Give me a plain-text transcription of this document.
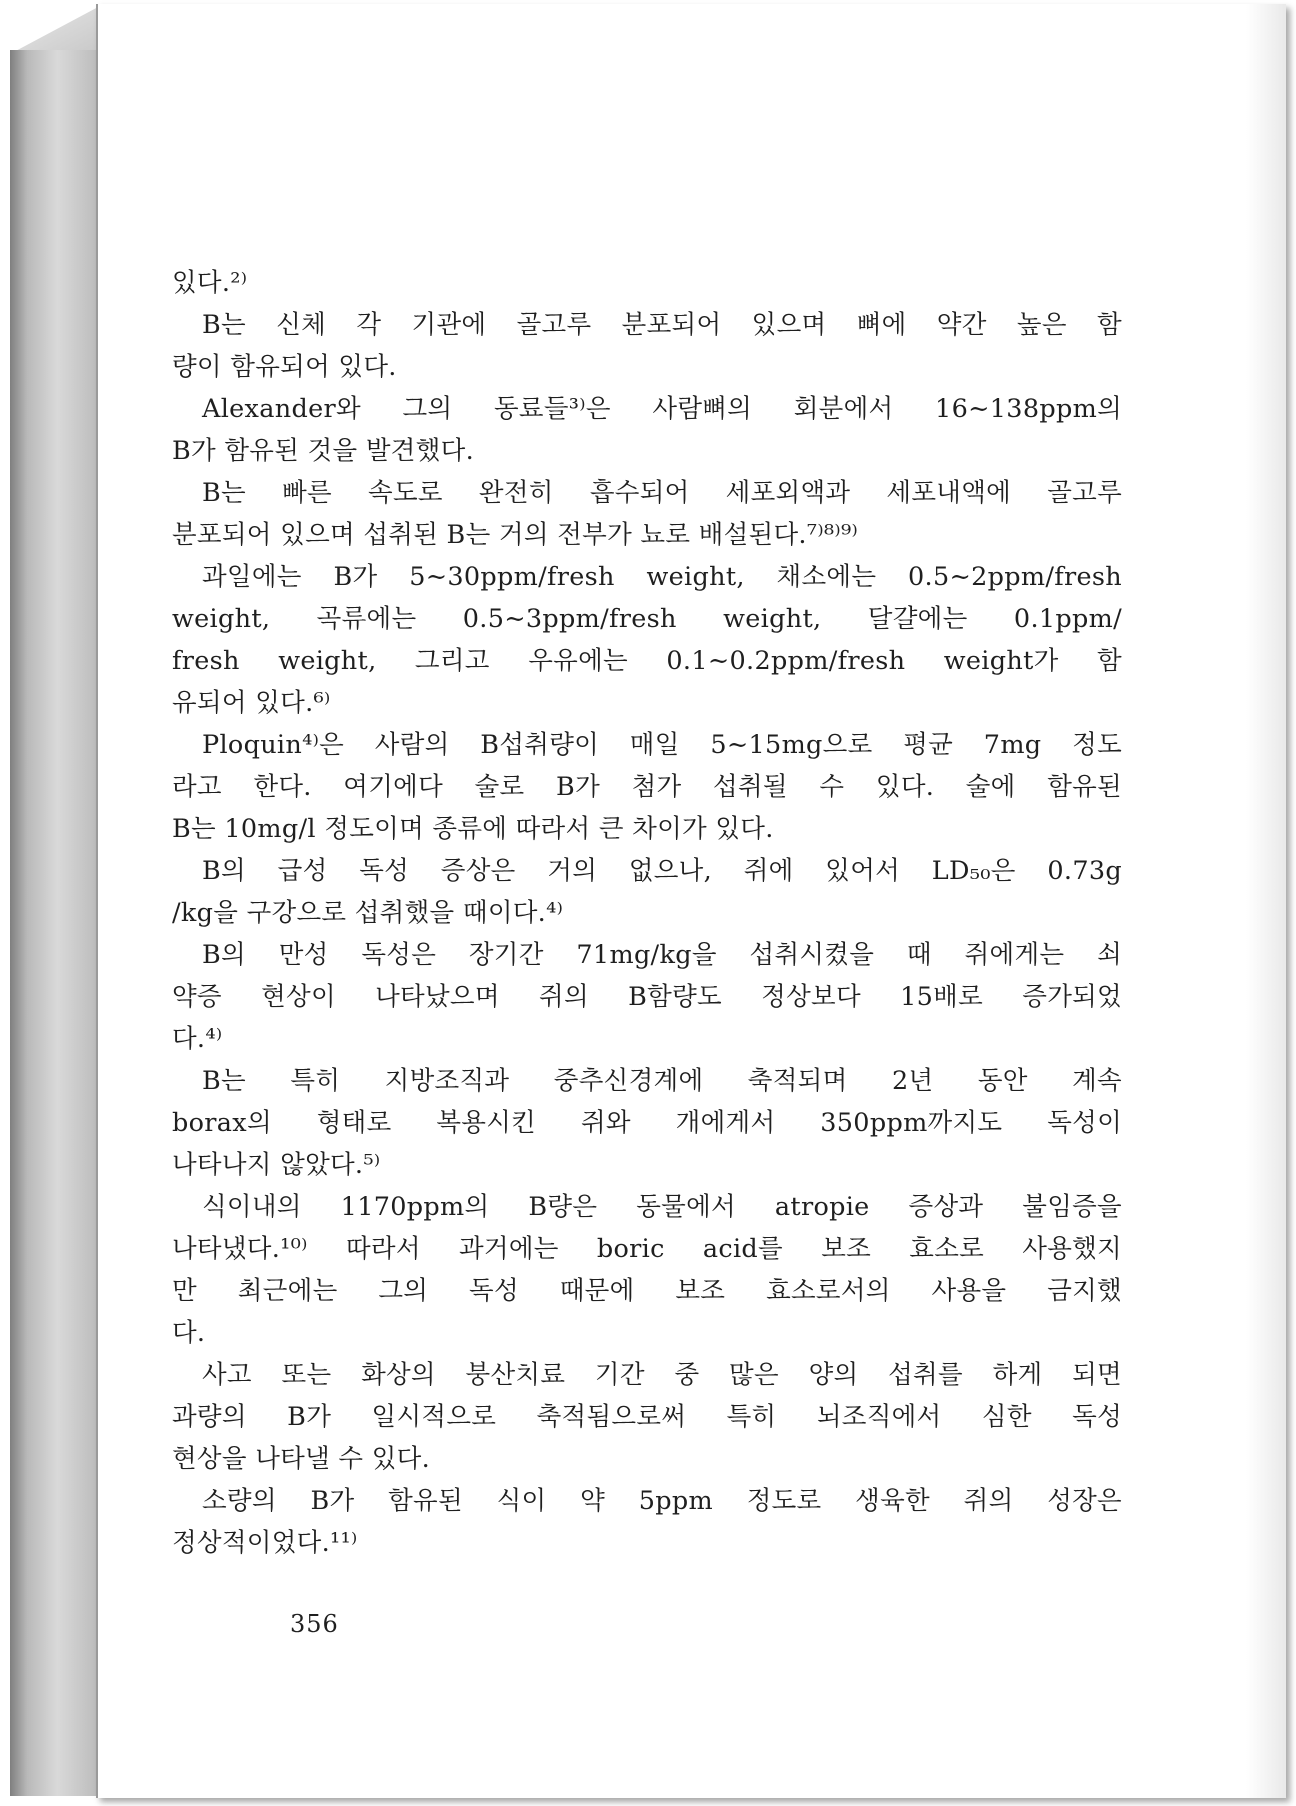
있다.²⁾
B는 신체 각 기관에 골고루 분포되어 있으며 뼈에 약간 높은 함
량이 함유되어 있다.
Alexander와 그의 동료들³⁾은 사람뼈의 회분에서 16∼138ppm의
B가 함유된 것을 발견했다.
B는 빠른 속도로 완전히 흡수되어 세포외액과 세포내액에 골고루
분포되어 있으며 섭취된 B는 거의 전부가 뇨로 배설된다.⁷⁾⁸⁾⁹⁾
과일에는 B가 5∼30ppm/fresh weight, 채소에는 0.5∼2ppm/fresh
weight, 곡류에는 0.5∼3ppm/fresh weight, 달걀에는 0.1ppm/
fresh weight, 그리고 우유에는 0.1∼0.2ppm/fresh weight가 함
유되어 있다.⁶⁾
Ploquin⁴⁾은 사람의 B섭취량이 매일 5∼15mg으로 평균 7mg 정도
라고 한다. 여기에다 술로 B가 첨가 섭취될 수 있다. 술에 함유된
B는 10mg/l 정도이며 종류에 따라서 큰 차이가 있다.
B의 급성 독성 증상은 거의 없으나, 쥐에 있어서 LD₅₀은 0.73g
/kg을 구강으로 섭취했을 때이다.⁴⁾
B의 만성 독성은 장기간 71mg/kg을 섭취시켰을 때 쥐에게는 쇠
약증 현상이 나타났으며 쥐의 B함량도 정상보다 15배로 증가되었
다.⁴⁾
B는 특히 지방조직과 중추신경계에 축적되며 2년 동안 계속
borax의 형태로 복용시킨 쥐와 개에게서 350ppm까지도 독성이
나타나지 않았다.⁵⁾
식이내의 1170ppm의 B량은 동물에서 atropie 증상과 불임증을
나타냈다.¹⁰⁾ 따라서 과거에는 boric acid를 보조 효소로 사용했지
만 최근에는 그의 독성 때문에 보조 효소로서의 사용을 금지했
다.
사고 또는 화상의 붕산치료 기간 중 많은 양의 섭취를 하게 되면
과량의 B가 일시적으로 축적됨으로써 특히 뇌조직에서 심한 독성
현상을 나타낼 수 있다.
소량의 B가 함유된 식이 약 5ppm 정도로 생육한 쥐의 성장은
정상적이었다.¹¹⁾
356
